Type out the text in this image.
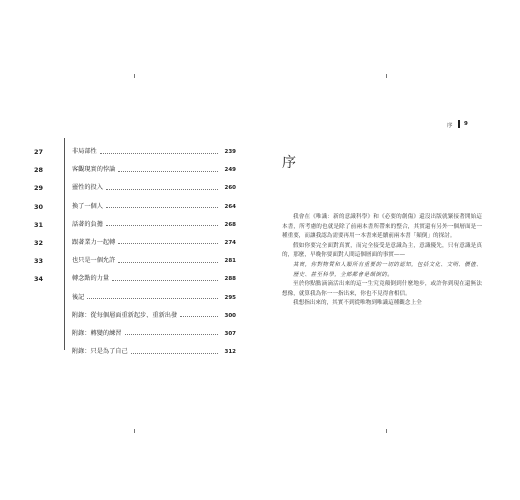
27	非局部性	239
28	客觀現實的悖論	249
29	靈性的投入	260
30	換了一個人	264
31	話著的負擔	268
32	跟著業力一起轉	274
33	也只是一個允許	281
34	轉念點的力量	288
後記	295
附錄：從每個層面重新起步、重新出發	300
附錄：轉變的練習	307
附錄：只是為了自己	312
序 9
序

我會在《唯識：新的意識科學》和《必要的創傷》還沒出版就緊接著開始這本書，所考慮的也就是除了前兩本書所帶來的整合，其實還有另外一個層面是一種重要，而讓我認為需要再用一本書來延續前兩本書「顛倒」的探討。

假如你要完全面對真實，而完全接受是意識為主，意識優先，只有意識是真的，那麼，早晚你要面對人間這個層面的事實——

其實，你對物質和人類所有重要的一切的認知，包括文化、文明、價值、歷史、甚至科學，全部都會是顛倒的。

至於你點點滴滴活出來的這一生究竟顛倒到什麼地步，或許你到現在還無法想像，就算我為你一一指出來，你也不見得會相信。

我想指出來的，其實不到從唯物到唯識這種觀念上全
